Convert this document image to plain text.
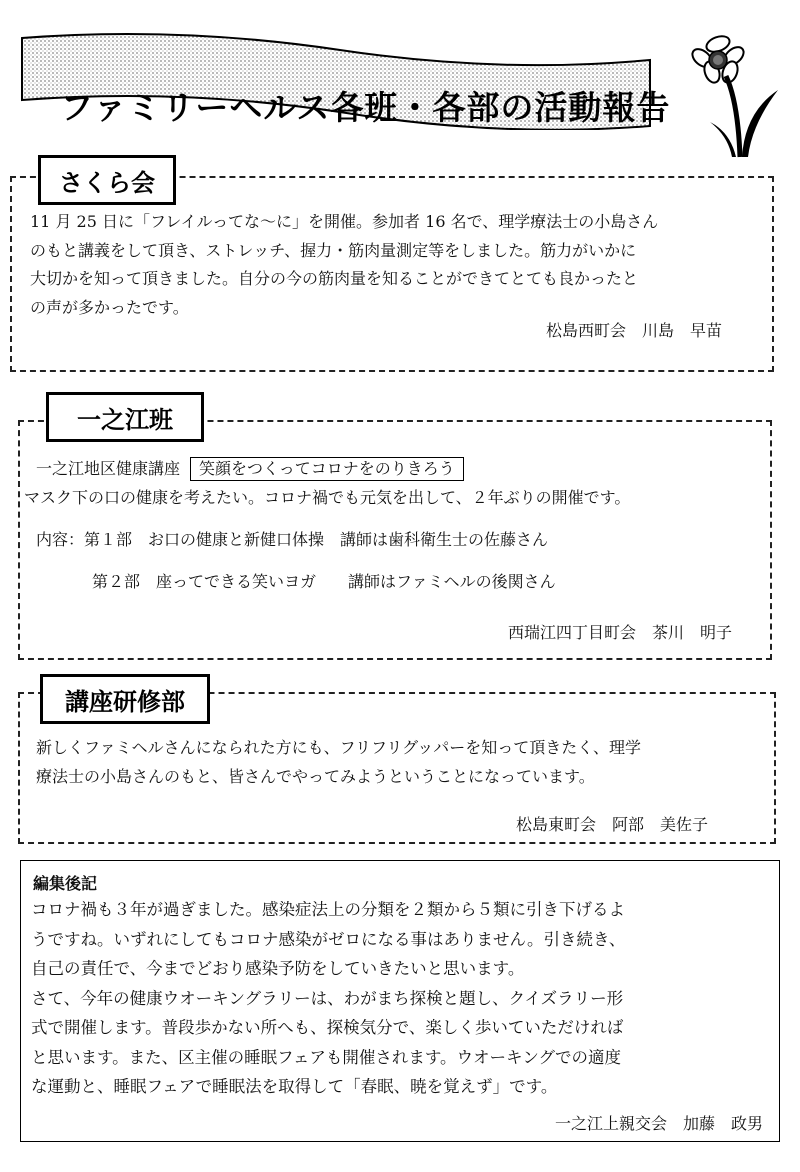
ファミリーヘルス各班・各部の活動報告
さくら会
11 月 25 日に「フレイルってな～に」を開催。参加者 16 名で、理学療法士の小島さん
のもと講義をして頂き、ストレッチ、握力・筋肉量測定等をしました。筋力がいかに
大切かを知って頂きました。自分の今の筋肉量を知ることができてとても良かったと
の声が多かったです。
松島西町会　川島　早苗
一之江班
一之江地区健康講座 笑顔をつくってコロナをのりきろう
マスク下の口の健康を考えたい。コロナ禍でも元気を出して、２年ぶりの開催です。
内容：第１部　お口の健康と新健口体操　講師は歯科衛生士の佐藤さん
第２部　座ってできる笑いヨガ　　講師はファミヘルの後関さん
西瑞江四丁目町会　茶川　明子
講座研修部
新しくファミヘルさんになられた方にも、フリフリグッパーを知って頂きたく、理学
療法士の小島さんのもと、皆さんでやってみようということになっています。
松島東町会　阿部　美佐子
編集後記
コロナ禍も３年が過ぎました。感染症法上の分類を２類から５類に引き下げるよ
うですね。いずれにしてもコロナ感染がゼロになる事はありません。引き続き、
自己の責任で、今までどおり感染予防をしていきたいと思います。
さて、今年の健康ウオーキングラリーは、わがまち探検と題し、クイズラリー形
式で開催します。普段歩かない所へも、探検気分で、楽しく歩いていただければ
と思います。また、区主催の睡眠フェアも開催されます。ウオーキングでの適度
な運動と、睡眠フェアで睡眠法を取得して「春眠、暁を覚えず」です。
一之江上親交会　加藤　政男
